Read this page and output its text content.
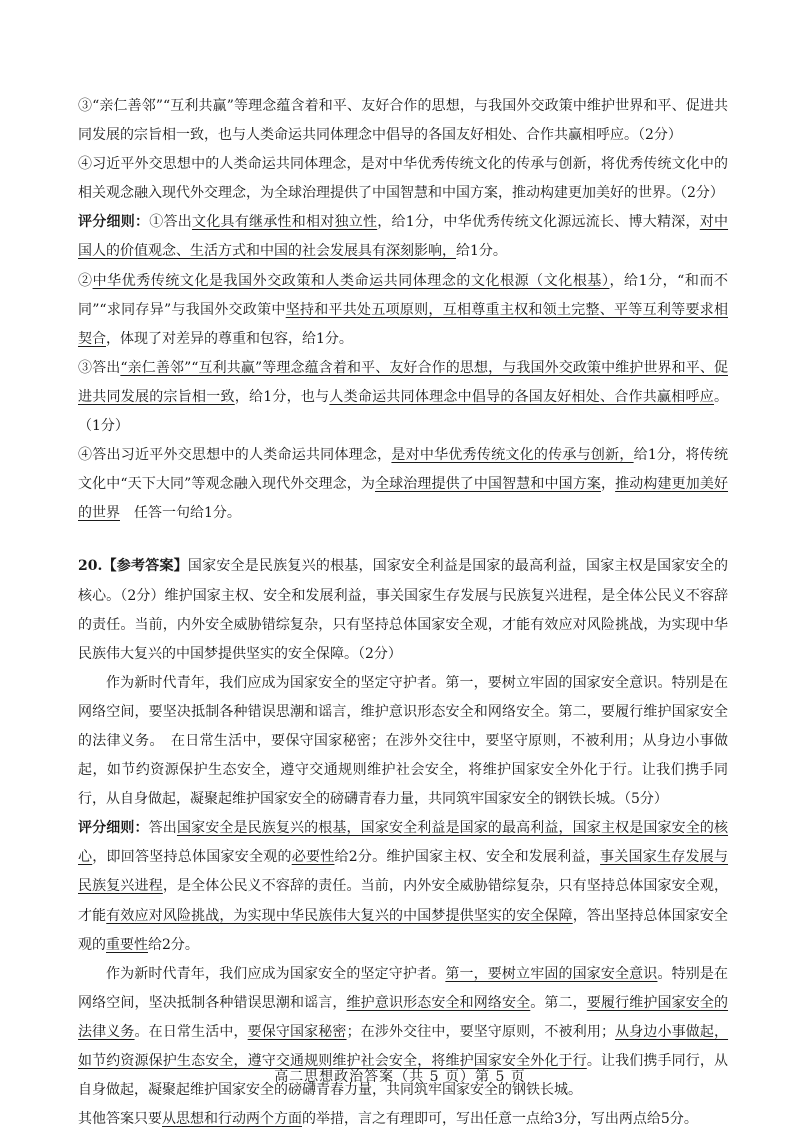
③“亲仁善邻”“互利共赢”等理念蕴含着和平、友好合作的思想，与我国外交政策中维护世界和平、促进共同发展的宗旨相一致，也与人类命运共同体理念中倡导的各国友好相处、合作共赢相呼应。（2分）
④习近平外交思想中的人类命运共同体理念，是对中华优秀传统文化的传承与创新，将优秀传统文化中的相关观念融入现代外交理念，为全球治理提供了中国智慧和中国方案，推动构建更加美好的世界。（2分）
评分细则：①答出文化具有继承性和相对独立性，给1分，中华优秀传统文化源远流长、博大精深，对中国人的价值观念、生活方式和中国的社会发展具有深刻影响，给1分。
②中华优秀传统文化是我国外交政策和人类命运共同体理念的文化根源（文化根基），给1分，“和而不同”“求同存异”与我国外交政策中坚持和平共处五项原则，互相尊重主权和领土完整、平等互利等要求相契合，体现了对差异的尊重和包容，给1分。
③答出“亲仁善邻”“互利共赢”等理念蕴含着和平、友好合作的思想，与我国外交政策中维护世界和平、促进共同发展的宗旨相一致，给1分，也与人类命运共同体理念中倡导的各国友好相处、合作共赢相呼应。（1分）
④答出习近平外交思想中的人类命运共同体理念，是对中华优秀传统文化的传承与创新，给1分，将传统文化中“天下大同”等观念融入现代外交理念，为全球治理提供了中国智慧和中国方案，推动构建更加美好的世界　任答一句给1分。
20.【参考答案】国家安全是民族复兴的根基，国家安全利益是国家的最高利益，国家主权是国家安全的核心。（2分）维护国家主权、安全和发展利益，事关国家生存发展与民族复兴进程，是全体公民义不容辞的责任。当前，内外安全威胁错综复杂，只有坚持总体国家安全观，才能有效应对风险挑战，为实现中华民族伟大复兴的中国梦提供坚实的安全保障。（2分）
作为新时代青年，我们应成为国家安全的坚定守护者。第一，要树立牢固的国家安全意识。特别是在网络空间，要坚决抵制各种错误思潮和谣言，维护意识形态安全和网络安全。第二，要履行维护国家安全的法律义务。　在日常生活中，要保守国家秘密；在涉外交往中，要坚守原则，不被利用；从身边小事做起，如节约资源保护生态安全，遵守交通规则维护社会安全，将维护国家安全外化于行。让我们携手同行，从自身做起，凝聚起维护国家安全的磅礴青春力量，共同筑牢国家安全的钢铁长城。（5分）
评分细则：答出国家安全是民族复兴的根基，国家安全利益是国家的最高利益，国家主权是国家安全的核心，即回答坚持总体国家安全观的必要性给2分。维护国家主权、安全和发展利益，事关国家生存发展与民族复兴进程，是全体公民义不容辞的责任。当前，内外安全威胁错综复杂，只有坚持总体国家安全观，才能有效应对风险挑战，为实现中华民族伟大复兴的中国梦提供坚实的安全保障，答出坚持总体国家安全观的重要性给2分。
作为新时代青年，我们应成为国家安全的坚定守护者。第一，要树立牢固的国家安全意识。特别是在网络空间，坚决抵制各种错误思潮和谣言，维护意识形态安全和网络安全。第二，要履行维护国家安全的法律义务。在日常生活中，要保守国家秘密；在涉外交往中，要坚守原则，不被利用；从身边小事做起，如节约资源保护生态安全，遵守交通规则维护社会安全，将维护国家安全外化于行。让我们携手同行，从自身做起，凝聚起维护国家安全的磅礴青春力量，共同筑牢国家安全的钢铁长城。
其他答案只要从思想和行动两个方面的举措，言之有理即可，写出任意一点给3分，写出两点给5分。
高二思想政治答案（共 5 页）第 5 页
